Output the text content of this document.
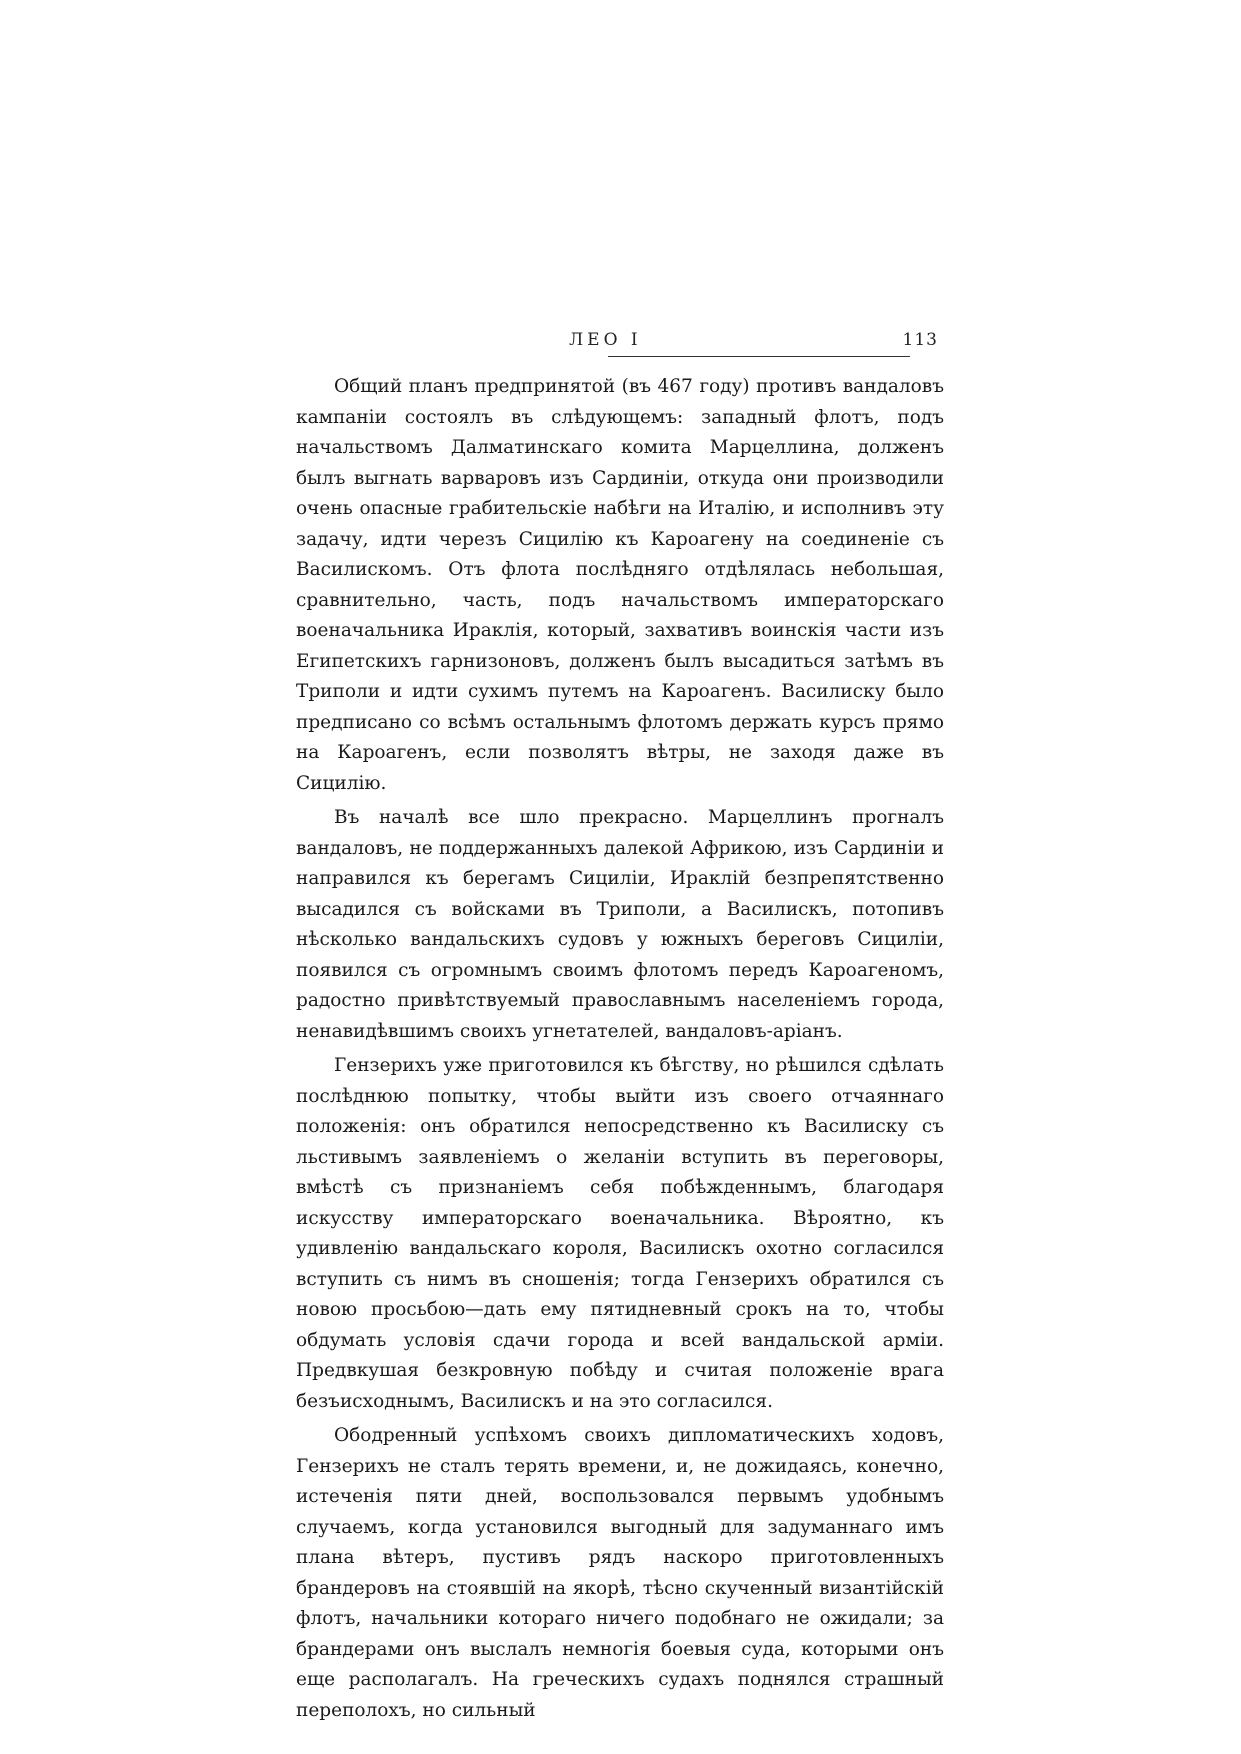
ЛЕО I	113

Общий планъ предпринятой (въ 467 году) противъ вандаловъ кампаніи состоялъ въ слѣдующемъ: западный флотъ, подъ начальствомъ Далматинскаго комита Марцеллина, долженъ былъ выгнать варваровъ изъ Сардиніи, откуда они производили очень опасные грабительскіе набѣги на Италію, и исполнивъ эту задачу, идти черезъ Сицилію къ Кароагену на соединеніе съ Василискомъ. Отъ флота послѣдняго отдѣлялась небольшая, сравнительно, часть, подъ начальствомъ императорскаго военачальника Ираклія, который, захвативъ воинскія части изъ Египетскихъ гарнизоновъ, долженъ былъ высадиться затѣмъ въ Триполи и идти сухимъ путемъ на Кароагенъ. Василиску было предписано со всѣмъ остальнымъ флотомъ держать курсъ прямо на Кароагенъ, если позволятъ вѣтры, не заходя даже въ Сицилію.

Въ началѣ все шло прекрасно. Марцеллинъ прогналъ вандаловъ, не поддержанныхъ далекой Африкою, изъ Сардиніи и направился къ берегамъ Сициліи, Ираклій безпрепятственно высадился съ войсками въ Триполи, а Василискъ, потопивъ нѣсколько вандальскихъ судовъ у южныхъ береговъ Сициліи, появился съ огромнымъ своимъ флотомъ передъ Кароагеномъ, радостно привѣтствуемый православнымъ населеніемъ города, ненавидѣвшимъ своихъ угнетателей, вандаловъ-аріанъ.

Гензерихъ уже приготовился къ бѣгству, но рѣшился сдѣлать послѣднюю попытку, чтобы выйти изъ своего отчаяннаго положенія: онъ обратился непосредственно къ Василиску съ льстивымъ заявленіемъ о желаніи вступить въ переговоры, вмѣстѣ съ признаніемъ себя побѣжденнымъ, благодаря искусству императорскаго военачальника. Вѣроятно, къ удивленію вандальскаго короля, Василискъ охотно согласился вступить съ нимъ въ сношенія; тогда Гензерихъ обратился съ новою просьбою—дать ему пятидневный срокъ на то, чтобы обдумать условія сдачи города и всей вандальской арміи. Предвкушая безкровную побѣду и считая положеніе врага безъисходнымъ, Василискъ и на это согласился.

Ободренный успѣхомъ своихъ дипломатическихъ ходовъ, Гензерихъ не сталъ терять времени, и, не дожидаясь, конечно, истеченія пяти дней, воспользовался первымъ удобнымъ случаемъ, когда установился выгодный для задуманнаго имъ плана вѣтеръ, пустивъ рядъ наскоро приготовленныхъ брандеровъ на стоявшій на якорѣ, тѣсно скученный византійскій флотъ, начальники котораго ничего подобнаго не ожидали; за брандерами онъ выслалъ немногія боевыя суда, которыми онъ еще располагалъ. На греческихъ судахъ поднялся страшный переполохъ, но сильный
